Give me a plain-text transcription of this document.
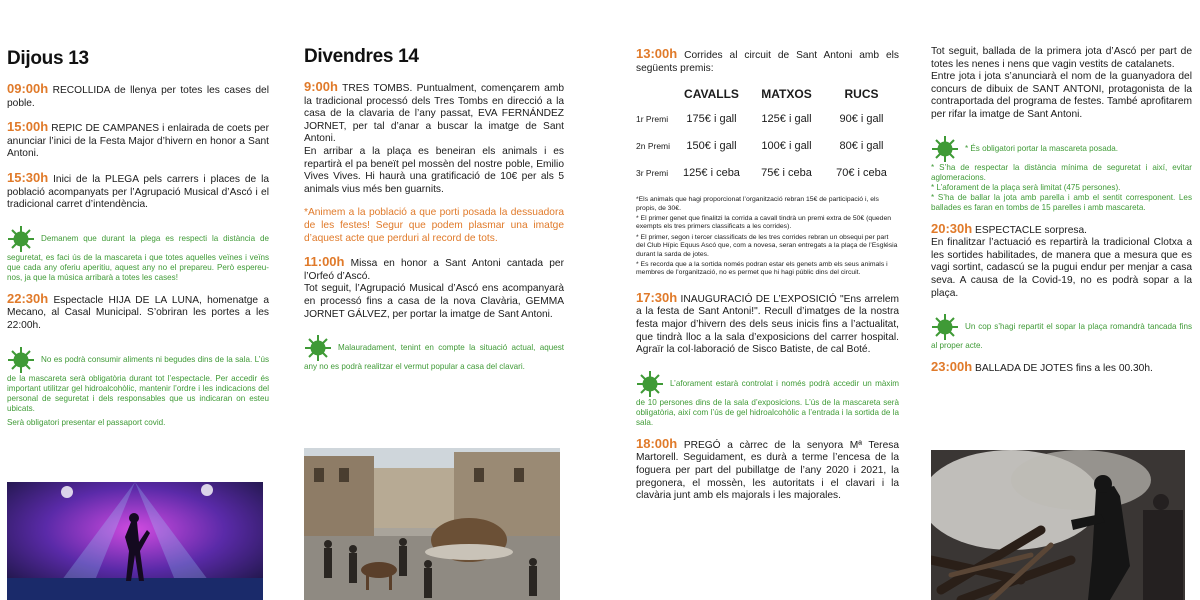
Dijous 13

09:00h RECOLLIDA de llenya per totes les cases del poble.

15:00h REPIC DE CAMPANES i enlairada de coets per anunciar l’inici de la Festa Major d’hivern en honor a Sant Antoni.

15:30h Inici de la PLEGA pels carrers i places de la població acompanyats per l’Agrupació Musical d’Ascó i el tradicional carret d’intendència.

Demanem que durant la plega es respecti la distància de seguretat, es faci ús de la mascareta i que totes aquelles veïnes i veïns que cada any oferiu aperitiu, aquest any no el prepareu. Però espereu-nos, ja que la música arribarà a totes les cases!

22:30h Espectacle HIJA DE LA LUNA, homenatge a Mecano, al Casal Municipal. S’obriran les portes a les 22:00h.

No es podrà consumir aliments ni begudes dins de la sala. L’ús de la mascareta serà obligatòria durant tot l’espectacle. Per accedir és important utilitzar gel hidroalcohòlic, mantenir l’ordre i les indicacions del personal de seguretat i dels responsables que us indicaran on esteu ubicats.
Serà obligatori presentar el passaport covid.
Divendres 14

9:00h TRES TOMBS. Puntualment, començarem amb la tradicional processó dels Tres Tombs en direcció a la casa de la clavaria de l’any passat, EVA FERNÁNDEZ JORNET, per tal d’anar a buscar la imatge de Sant Antoni.

En arribar a la plaça es beneiran els animals i es repartirà el pa beneït pel mossèn del nostre poble, Emilio Vives Vives. Hi haurà una gratificació de 10€ per als 5 animals vius més ben guarnits.

*Animem a la població a que porti posada la dessuadora de les festes! Segur que podem plasmar una imatge d’aquest acte que perduri al record de tots.

11:00h Missa en honor a Sant Antoni cantada per l’Orfeó d’Ascó.

Tot seguit, l’Agrupació Musical d’Ascó ens acompanyarà en processó fins a casa de la nova Clavària, GEMMA JORNET GÁLVEZ, per portar la imatge de Sant Antoni.

Malauradament, tenint en compte la situació actual, aquest any no es podrà realitzar el vermut popular a casa del clavari.

13:00h Corrides al circuit de Sant Antoni amb els següents premis:

CAVALLS	MATXOS	RUCS
1r Premi	175€ i gall	125€ i gall	90€ i gall
2n Premi	150€ i gall	100€ i gall	80€ i gall
3r Premi	125€ i ceba	75€ i ceba	70€ i ceba

*Els animals que hagi proporcionat l’organització rebran 15€ de participació i, els propis, de 30€.

* El primer genet que finalitzi la corrida a cavall tindrà un premi extra de 50€ (queden exempts els tres primers classificats a les corrides).

* El primer, segon i tercer classificats de les tres corrides rebran un obsequi per part del Club Hípic Equus Ascó que, com a novesa, seran entregats a la plaça de l’Església durant la sarda de jotes.

* Es recorda que a la sortida només podran estar els genets amb els seus animals i membres de l’organització, no es permet que hi hagi públic dins del circuit.

17:30h INAUGURACIÓ DE L’EXPOSICIÓ "Ens arrelem a la festa de Sant Antoni!". Recull d’imatges de la nostra festa major d’hivern des dels seus inicis fins a l’actualitat, que tindrà lloc a la sala d’exposicions del carrer hospital. Agraïr la col·laboració de Sisco Batiste, de cal Boté.

L’aforament estarà controlat i només podrà accedir un màxim de 10 persones dins de la sala d’exposicions. L’ús de la mascareta serà obligatòria, així com l’ús de gel hidroalcohòlic a l’entrada i la sortida de la sala.

18:00h PREGÓ a càrrec de la senyora Mª Teresa Martorell. Seguidament, es durà a terme l’encesa de la foguera per part del pubillatge de l’any 2020 i 2021, la pregonera, el mossèn, les autoritats i el clavari i la clavària junt amb els majorals i les majorales.

Tot seguit, ballada de la primera jota d’Ascó per part de totes les nenes i nens que vagin vestits de catalanets.

Entre jota i jota s’anunciarà el nom de la guanyadora del concurs de dibuix de SANT ANTONI, protagonista de la contraportada del programa de festes. També aprofitarem per rifar la imatge de Sant Antoni.

* És obligatori portar la mascareta posada.
* S’ha de respectar la distància mínima de seguretat i així, evitar aglomeracions.
* L’aforament de la plaça serà limitat (475 persones).
* S’ha de ballar la jota amb parella i amb el sentit corresponent. Les ballades es faran en tombs de 15 parelles i amb mascareta.

20:30h ESPECTACLE sorpresa.

En finalitzar l’actuació es repartirà la tradicional Clotxa a les sortides habilitades, de manera que a mesura que es vagi sortint, cadascú se la pugui endur per menjar a casa seva. A causa de la Covid-19, no es podrà sopar a la plaça.

Un cop s’hagi repartit el sopar la plaça romandrà tancada fins al proper acte.

23:00h BALLADA DE JOTES fins a les 00.30h.
